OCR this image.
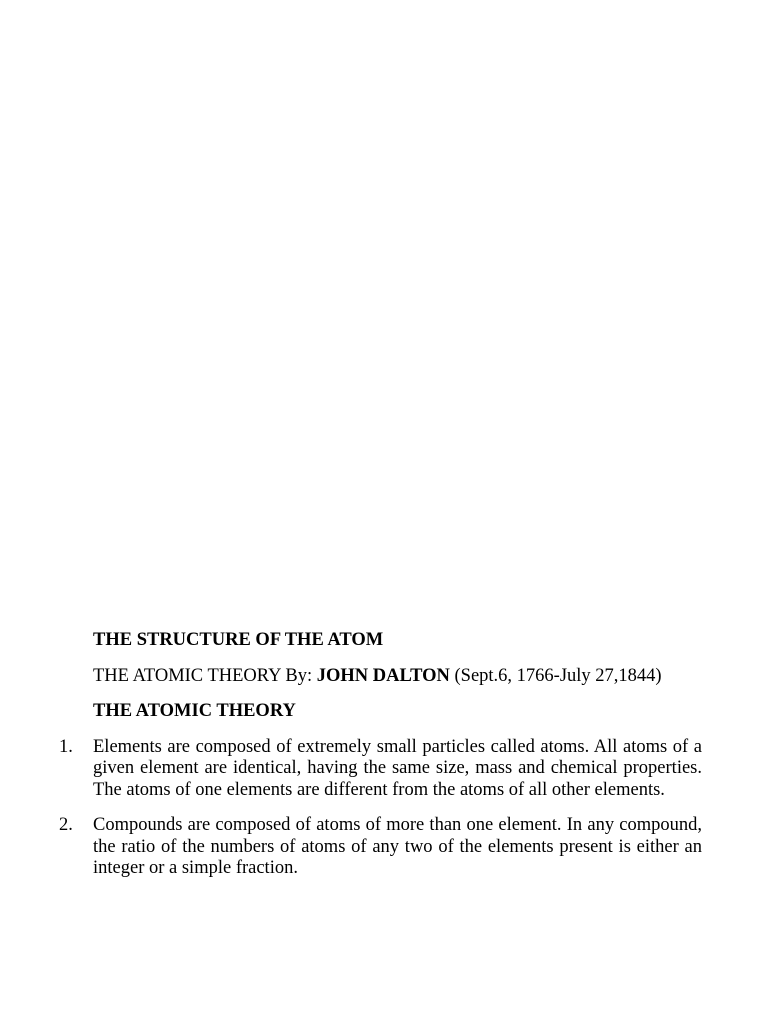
THE STRUCTURE OF THE ATOM

THE ATOMIC THEORY By: JOHN DALTON (Sept.6, 1766-July 27,1844)

THE ATOMIC THEORY

1. Elements are composed of extremely small particles called atoms. All atoms of a given element are identical, having the same size, mass and chemical properties. The atoms of one elements are different from the atoms of all other elements.
2. Compounds are composed of atoms of more than one element. In any compound, the ratio of the numbers of atoms of any two of the elements present is either an integer or a simple fraction.
